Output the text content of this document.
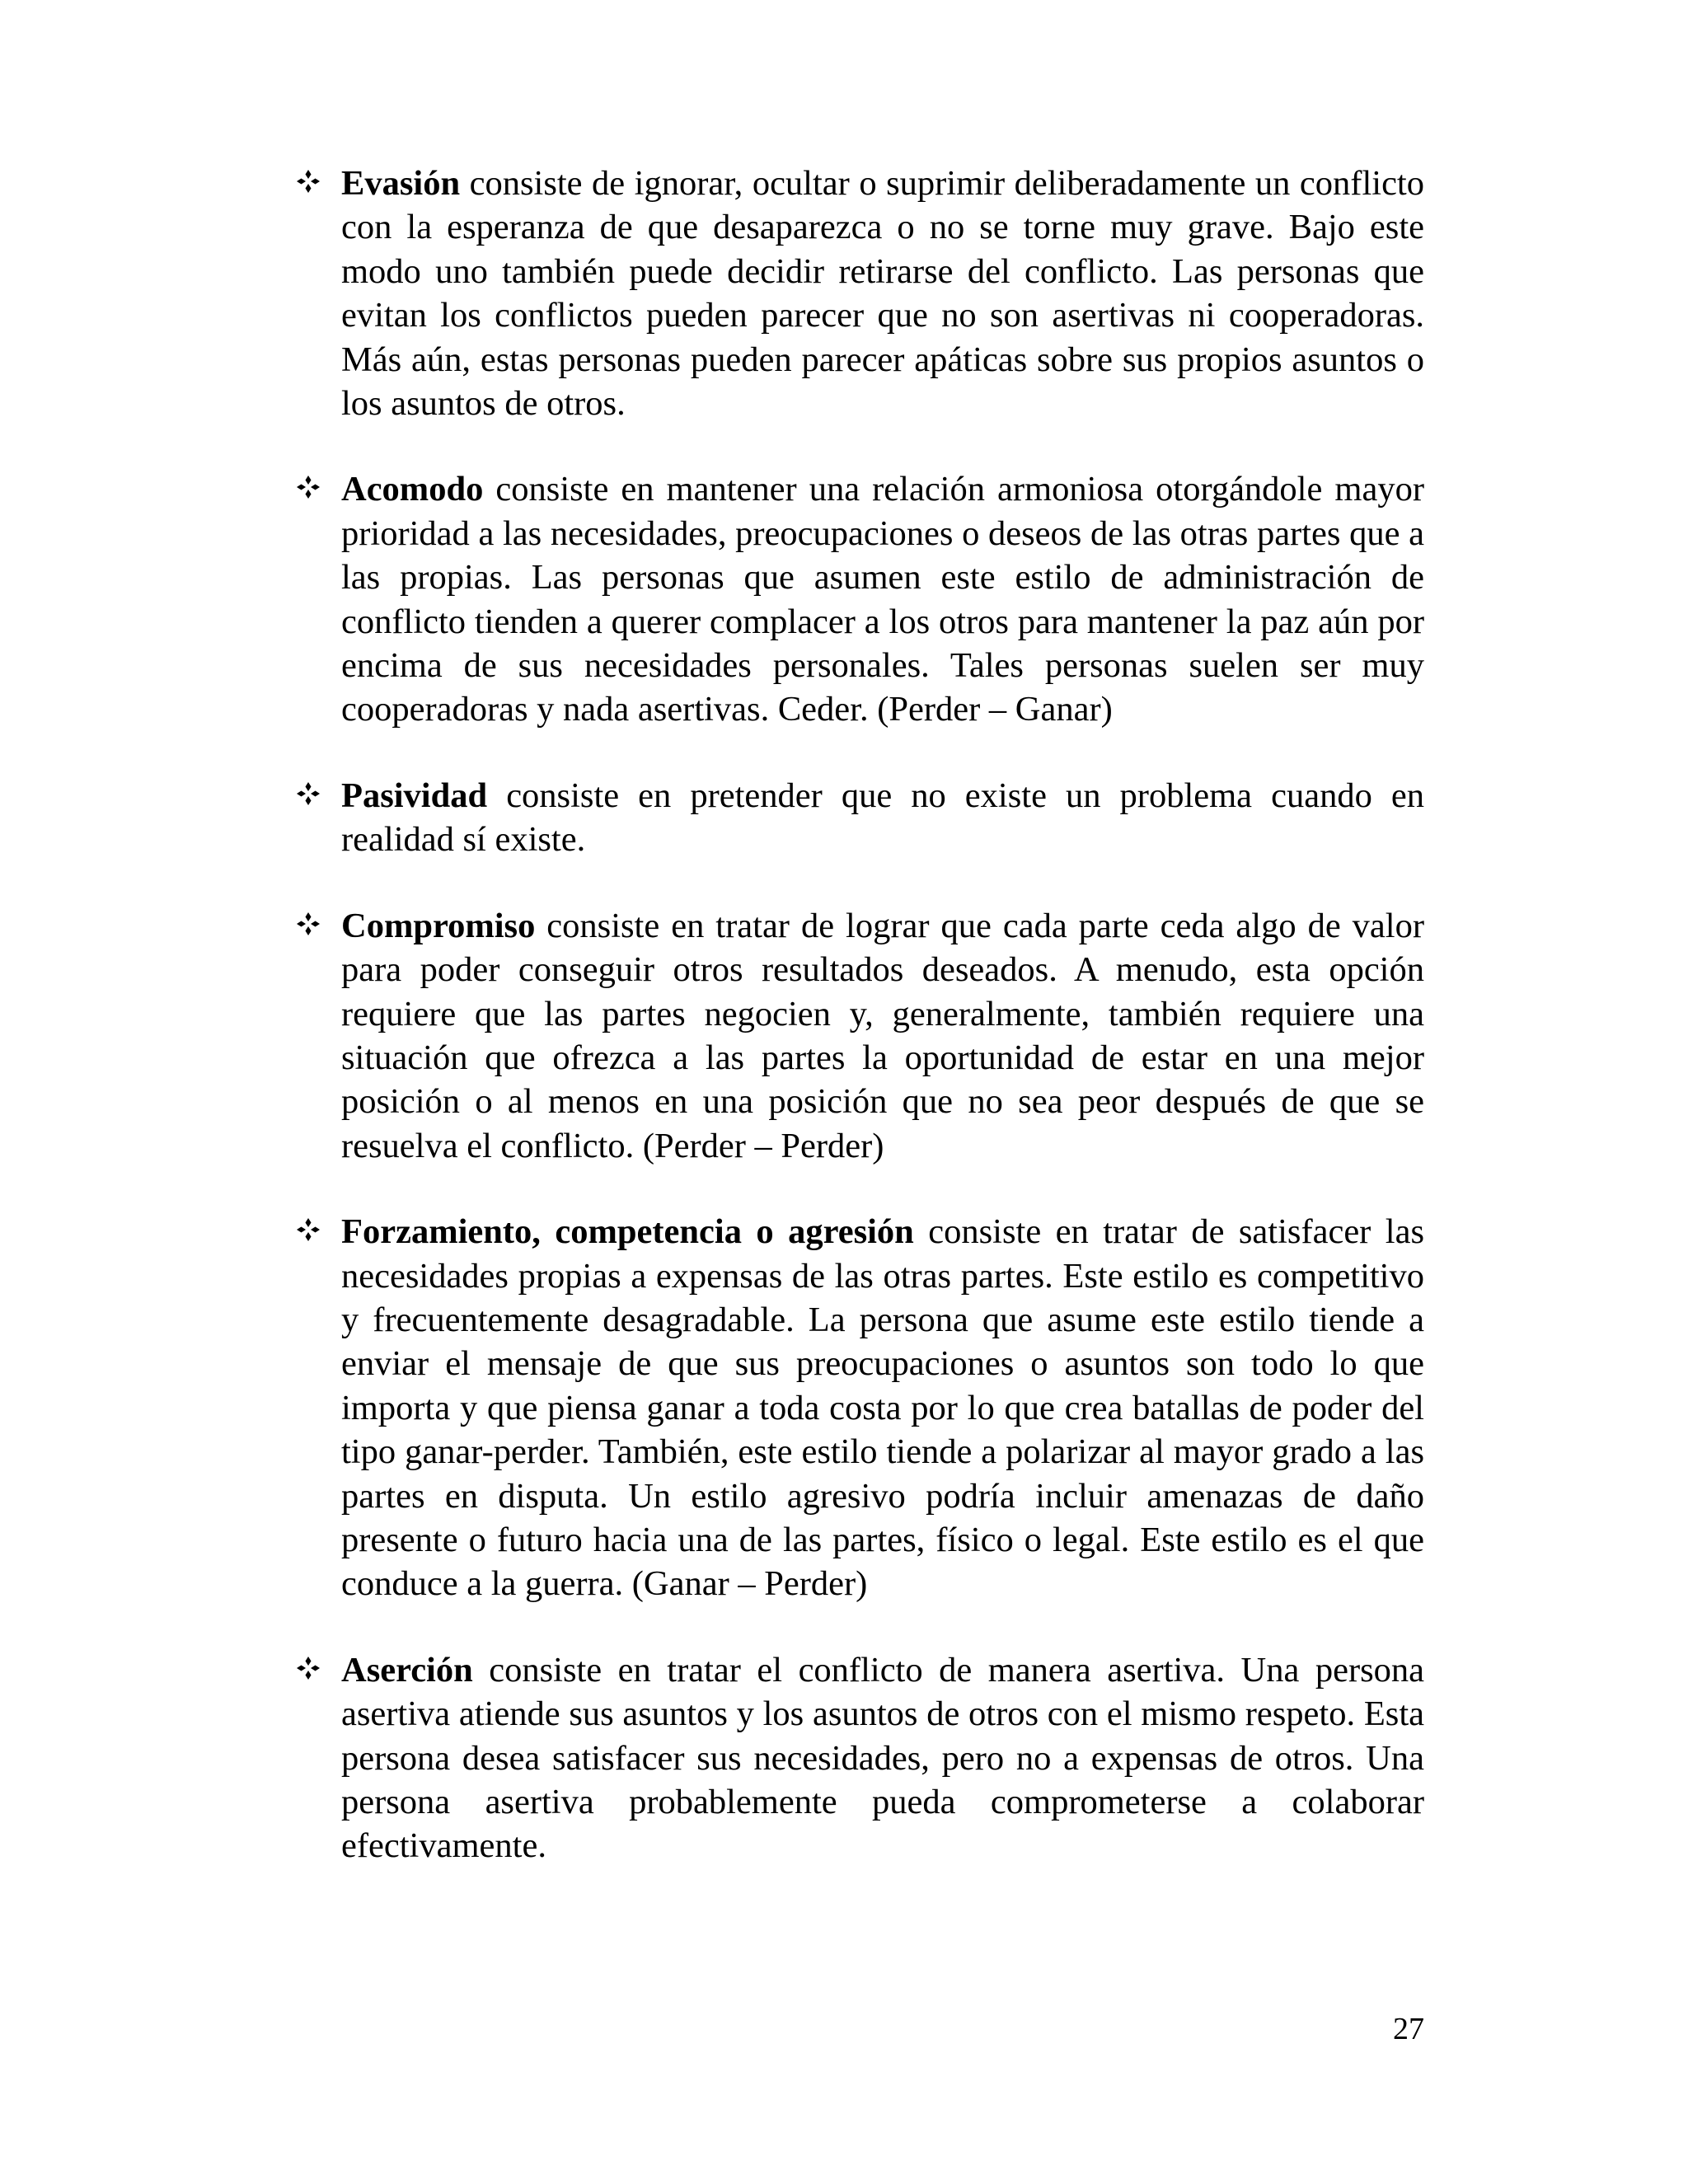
Evasión consiste de ignorar, ocultar o suprimir deliberadamente un conflicto con la esperanza de que desaparezca o no se torne muy grave. Bajo este modo uno también puede decidir retirarse del conflicto. Las personas que evitan los conflictos pueden parecer que no son asertivas ni cooperadoras. Más aún, estas personas pueden parecer apáticas sobre sus propios asuntos o los asuntos de otros.
Acomodo consiste en mantener una relación armoniosa otorgándole mayor prioridad a las necesidades, preocupaciones o deseos de las otras partes que a las propias. Las personas que asumen este estilo de administración de conflicto tienden a querer complacer a los otros para mantener la paz aún por encima de sus necesidades personales. Tales personas suelen ser muy cooperadoras y nada asertivas. Ceder. (Perder – Ganar)
Pasividad consiste en pretender que no existe un problema cuando en realidad sí existe.
Compromiso consiste en tratar de lograr que cada parte ceda algo de valor para poder conseguir otros resultados deseados. A menudo, esta opción requiere que las partes negocien y, generalmente, también requiere una situación que ofrezca a las partes la oportunidad de estar en una mejor posición o al menos en una posición que no sea peor después de que se resuelva el conflicto. (Perder – Perder)
Forzamiento, competencia o agresión consiste en tratar de satisfacer las necesidades propias a expensas de las otras partes. Este estilo es competitivo y frecuentemente desagradable. La persona que asume este estilo tiende a enviar el mensaje de que sus preocupaciones o asuntos son todo lo que importa y que piensa ganar a toda costa por lo que crea batallas de poder del tipo ganar-perder. También, este estilo tiende a polarizar al mayor grado a las partes en disputa. Un estilo agresivo podría incluir amenazas de daño presente o futuro hacia una de las partes, físico o legal. Este estilo es el que conduce a la guerra. (Ganar – Perder)
Aserción consiste en tratar el conflicto de manera asertiva. Una persona asertiva atiende sus asuntos y los asuntos de otros con el mismo respeto. Esta persona desea satisfacer sus necesidades, pero no a expensas de otros. Una persona asertiva probablemente pueda comprometerse a colaborar efectivamente.
27
